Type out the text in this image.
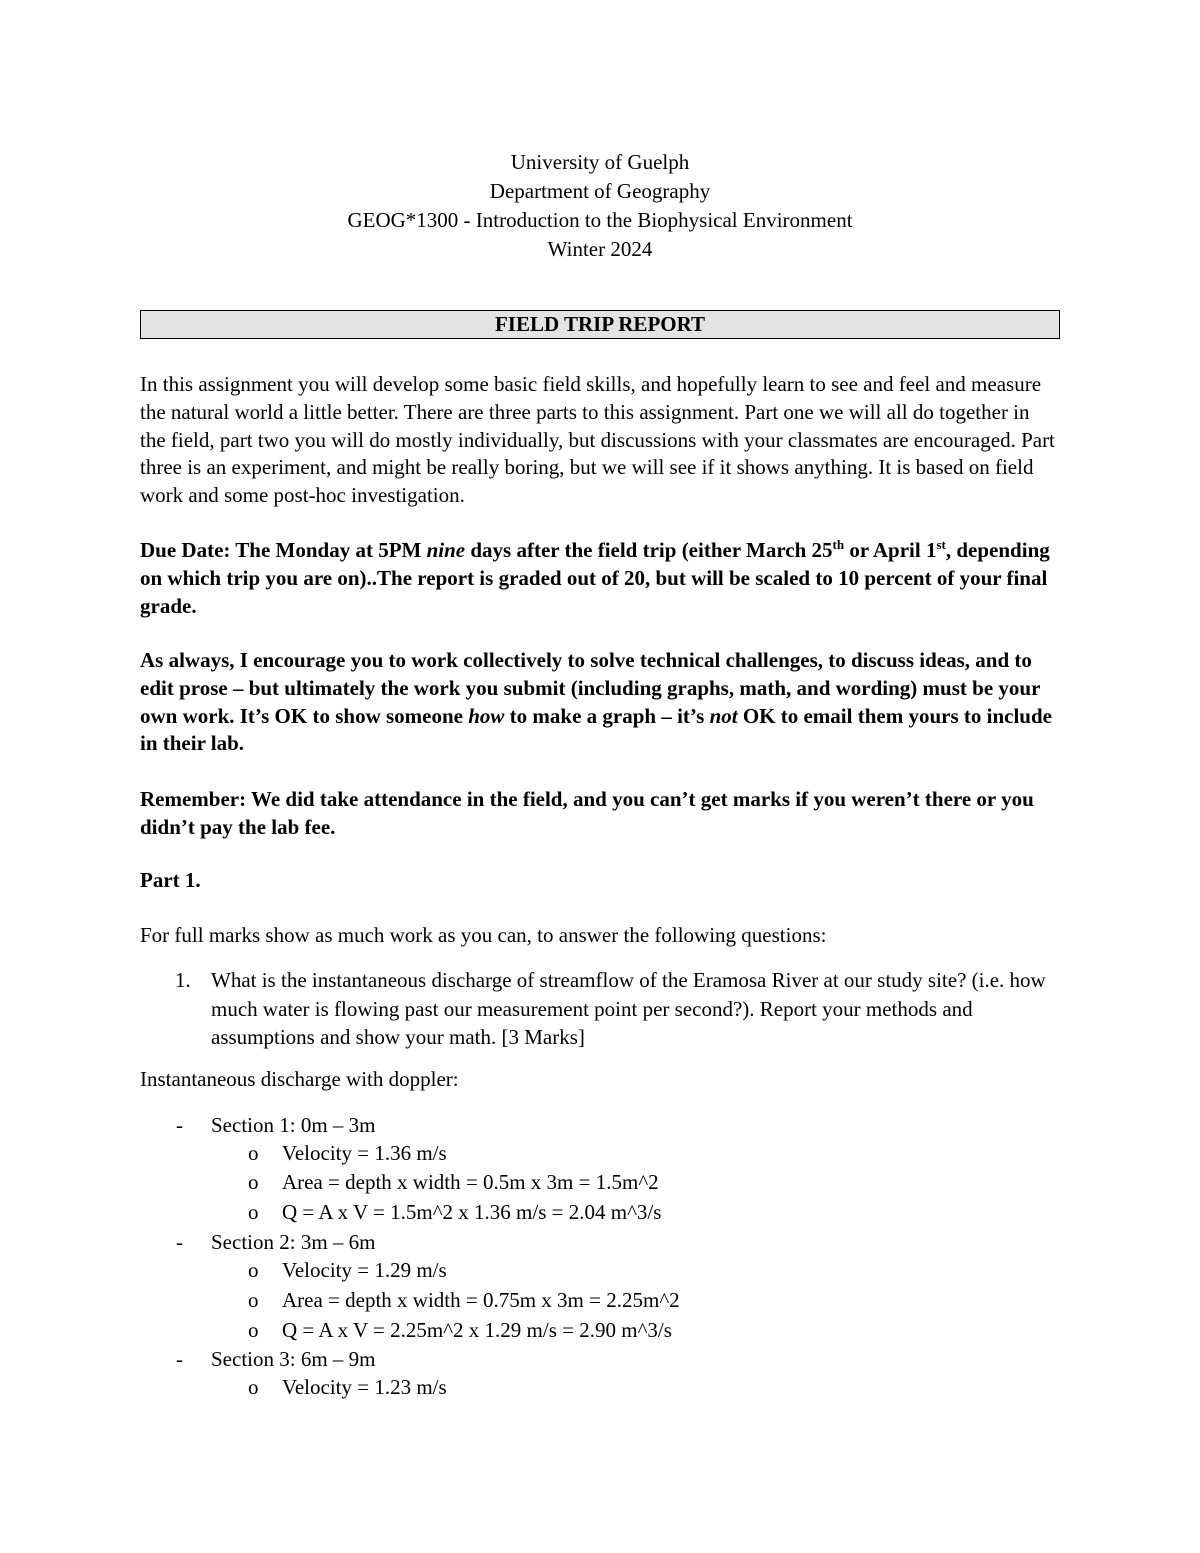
University of Guelph
Department of Geography
GEOG*1300 - Introduction to the Biophysical Environment
Winter 2024
FIELD TRIP REPORT
In this assignment you will develop some basic field skills, and hopefully learn to see and feel and measure the natural world a little better. There are three parts to this assignment. Part one we will all do together in the field, part two you will do mostly individually, but discussions with your classmates are encouraged. Part three is an experiment, and might be really boring, but we will see if it shows anything. It is based on field work and some post-hoc investigation.
Due Date: The Monday at 5PM nine days after the field trip (either March 25th or April 1st, depending on which trip you are on)..The report is graded out of 20, but will be scaled to 10 percent of your final grade.
As always, I encourage you to work collectively to solve technical challenges, to discuss ideas, and to edit prose – but ultimately the work you submit (including graphs, math, and wording) must be your own work. It’s OK to show someone how to make a graph – it’s not OK to email them yours to include in their lab.
Remember: We did take attendance in the field, and you can’t get marks if you weren’t there or you didn’t pay the lab fee.
Part 1.
For full marks show as much work as you can, to answer the following questions:
1. What is the instantaneous discharge of streamflow of the Eramosa River at our study site? (i.e. how much water is flowing past our measurement point per second?). Report your methods and assumptions and show your math. [3 Marks]
Instantaneous discharge with doppler:
- Section 1: 0m – 3m
o Velocity = 1.36 m/s
o Area = depth x width = 0.5m x 3m = 1.5m^2
o Q = A x V = 1.5m^2 x 1.36 m/s = 2.04 m^3/s
- Section 2: 3m – 6m
o Velocity = 1.29 m/s
o Area = depth x width = 0.75m x 3m = 2.25m^2
o Q = A x V = 2.25m^2 x 1.29 m/s = 2.90 m^3/s
- Section 3: 6m – 9m
o Velocity = 1.23 m/s
